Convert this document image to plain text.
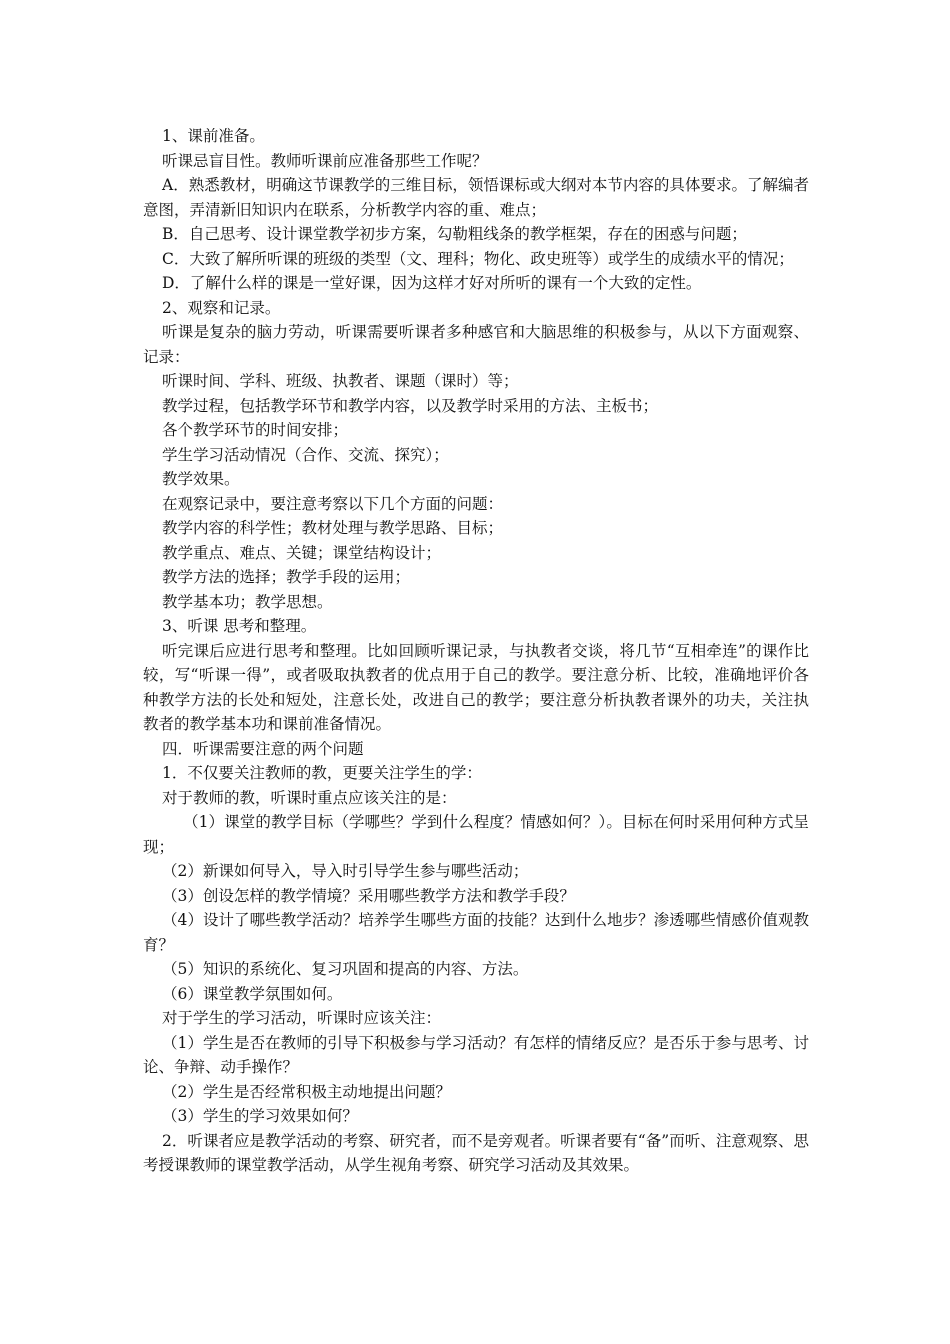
1、课前准备。

听课忌盲目性。教师听课前应准备那些工作呢？

A．熟悉教材，明确这节课教学的三维目标，领悟课标或大纲对本节内容的具体要求。了解编者意图，弄清新旧知识内在联系，分析教学内容的重、难点；

B．自己思考、设计课堂教学初步方案，勾勒粗线条的教学框架，存在的困惑与问题；

C．大致了解所听课的班级的类型（文、理科；物化、政史班等）或学生的成绩水平的情况；

D．了解什么样的课是一堂好课，因为这样才好对所听的课有一个大致的定性。

2、观察和记录。

听课是复杂的脑力劳动，听课需要听课者多种感官和大脑思维的积极参与，从以下方面观察、记录：

听课时间、学科、班级、执教者、课题（课时）等；

教学过程，包括教学环节和教学内容，以及教学时采用的方法、主板书；

各个教学环节的时间安排；

学生学习活动情况（合作、交流、探究）；

教学效果。

在观察记录中，要注意考察以下几个方面的问题：

教学内容的科学性；教材处理与教学思路、目标；

教学重点、难点、关键；课堂结构设计；

教学方法的选择；教学手段的运用；

教学基本功；教学思想。

3、听课 思考和整理。

听完课后应进行思考和整理。比如回顾听课记录，与执教者交谈，将几节“互相牵连”的课作比较，写“听课一得”，或者吸取执教者的优点用于自己的教学。要注意分析、比较，准确地评价各种教学方法的长处和短处，注意长处，改进自己的教学；要注意分析执教者课外的功夫，关注执教者的教学基本功和课前准备情况。

四．听课需要注意的两个问题

1．不仅要关注教师的教，更要关注学生的学：

对于教师的教，听课时重点应该关注的是：

（1）课堂的教学目标（学哪些？学到什么程度？情感如何？）。目标在何时采用何种方式呈现；

（2）新课如何导入，导入时引导学生参与哪些活动；

（3）创设怎样的教学情境？采用哪些教学方法和教学手段？

（4）设计了哪些教学活动？培养学生哪些方面的技能？达到什么地步？渗透哪些情感价值观教育？

（5）知识的系统化、复习巩固和提高的内容、方法。

（6）课堂教学氛围如何。

对于学生的学习活动，听课时应该关注：

（1）学生是否在教师的引导下积极参与学习活动？有怎样的情绪反应？是否乐于参与思考、讨论、争辩、动手操作？

（2）学生是否经常积极主动地提出问题？

（3）学生的学习效果如何？

2．听课者应是教学活动的考察、研究者，而不是旁观者。听课者要有“备”而听、注意观察、思考授课教师的课堂教学活动，从学生视角考察、研究学习活动及其效果。
